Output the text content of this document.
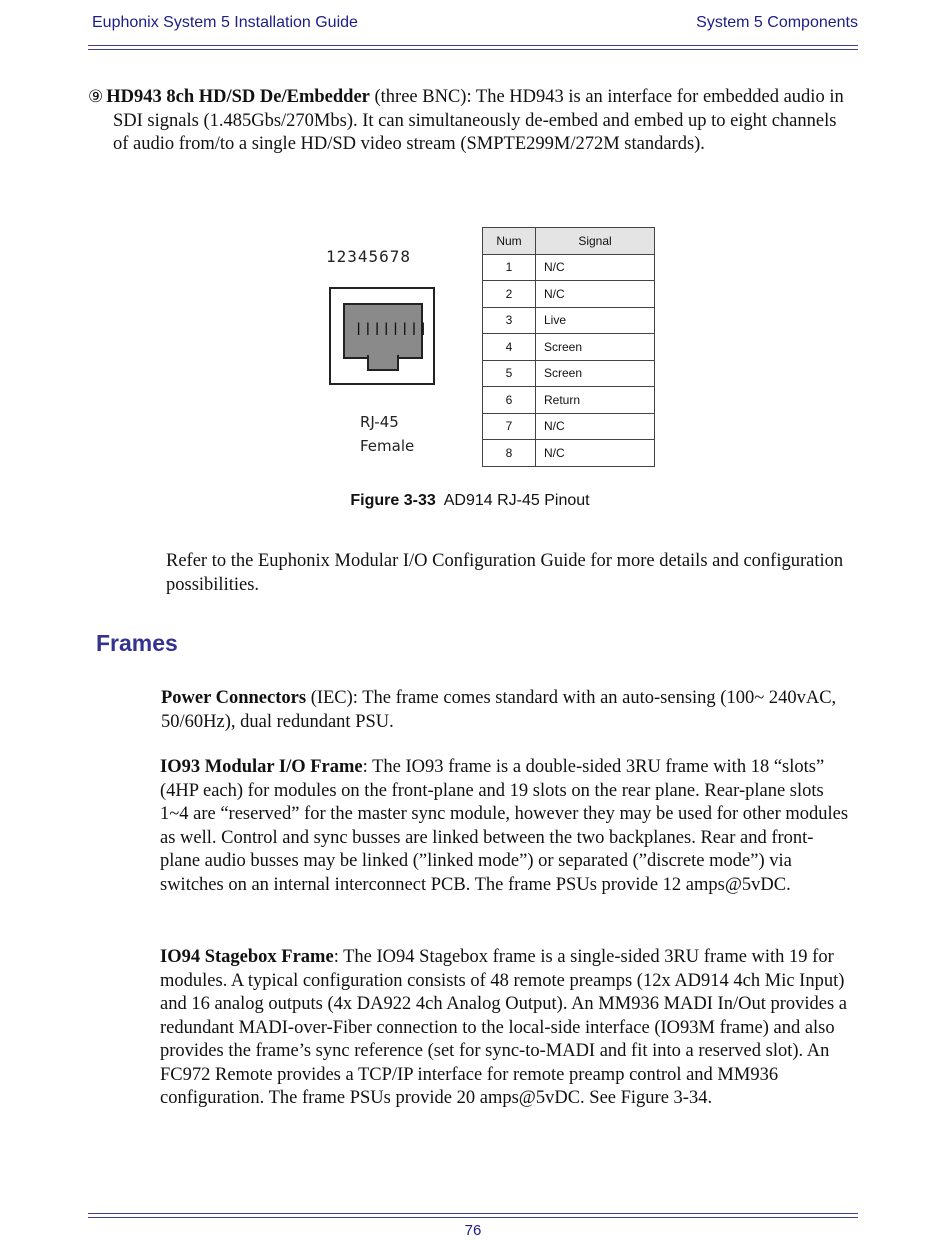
Euphonix System 5 Installation Guide	System 5 Components
⑨ HD943 8ch HD/SD De/Embedder (three BNC): The HD943 is an interface for embedded audio in SDI signals (1.485Gbs/270Mbs). It can simultaneously de-embed and embed up to eight channels of audio from/to a single HD/SD video stream (SMPTE299M/272M standards).
12345678
||||||||
RJ-45
Female
Num	Signal
1	N/C
2	N/C
3	Live
4	Screen
5	Screen
6	Return
7	N/C
8	N/C
Figure 3-33 AD914 RJ-45 Pinout
Refer to the Euphonix Modular I/O Configuration Guide for more details and configuration possibilities.
Frames
Power Connectors (IEC): The frame comes standard with an auto-sensing (100~ 240vAC, 50/60Hz), dual redundant PSU.
IO93 Modular I/O Frame: The IO93 frame is a double-sided 3RU frame with 18 “slots” (4HP each) for modules on the front-plane and 19 slots on the rear plane. Rear-plane slots 1~4 are “reserved” for the master sync module, however they may be used for other modules as well. Control and sync busses are linked between the two backplanes. Rear and front-plane audio busses may be linked (”linked mode”) or separated (”discrete mode”) via switches on an internal interconnect PCB. The frame PSUs provide 12 amps@5vDC.
IO94 Stagebox Frame: The IO94 Stagebox frame is a single-sided 3RU frame with 19 for modules. A typical configuration consists of 48 remote preamps (12x AD914 4ch Mic Input) and 16 analog outputs (4x DA922 4ch Analog Output). An MM936 MADI In/Out provides a redundant MADI-over-Fiber connection to the local-side interface (IO93M frame) and also provides the frame’s sync reference (set for sync-to-MADI and fit into a reserved slot). An FC972 Remote provides a TCP/IP interface for remote preamp control and MM936 configuration. The frame PSUs provide 20 amps@5vDC. See Figure 3-34.
76
